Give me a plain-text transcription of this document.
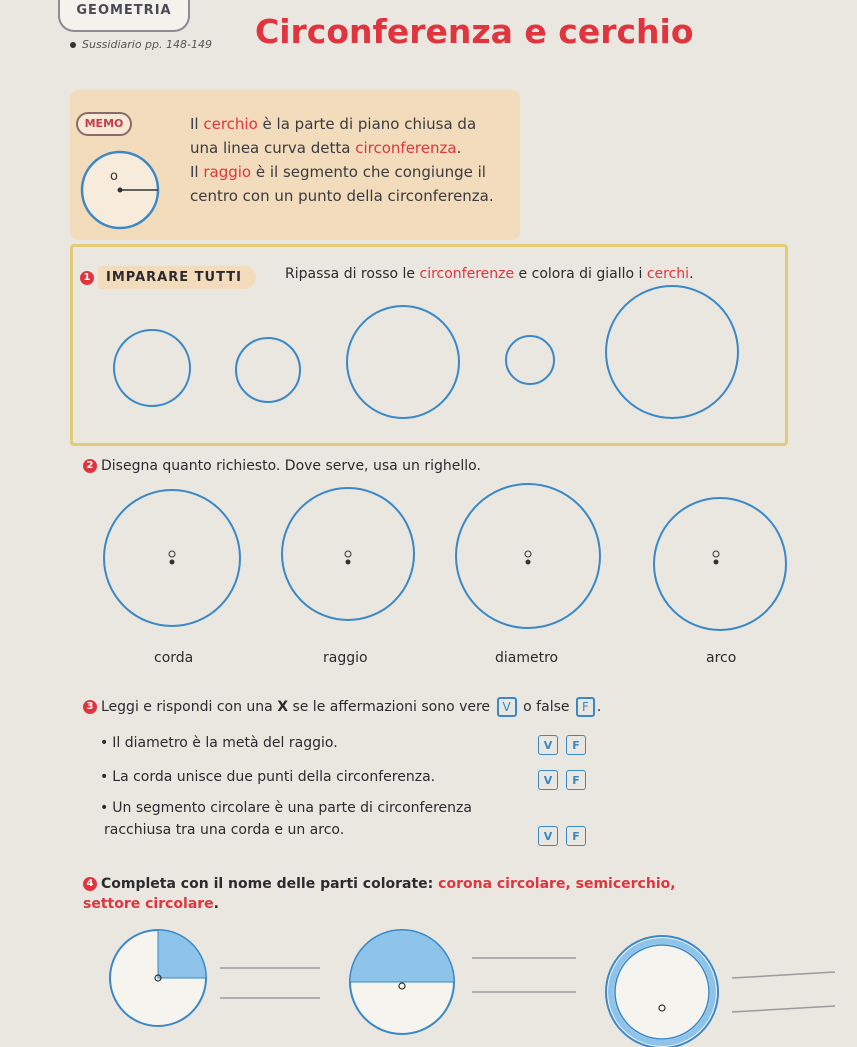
GEOMETRIA
Sussidiario pp. 148-149 Circonferenza e cerchio
MEMO
o

Il cerchio è la parte di piano chiusa da

una linea curva detta circonferenza.

Il raggio è il segmento che congiunge il

centro con un punto della circonferenza.

1	IMPARARE TUTTI	Ripassa di rosso le circonferenze e colora di giallo i cerchi.
2 Disegna quanto richiesto. Dove serve, usa un righello.
corda	raggio	diametro	arco
3 Leggi e rispondi con una X se le affermazioni sono vere V o false F .
• Il diametro è la metà del raggio.	V	F
• La corda unisce due punti della circonferenza.	V	F
• Un segmento circolare è una parte di circonferenza
racchiusa tra una corda e un arco.	V	F
4 Completa con il nome delle parti colorate: corona circolare, semicerchio,
settore circolare.
